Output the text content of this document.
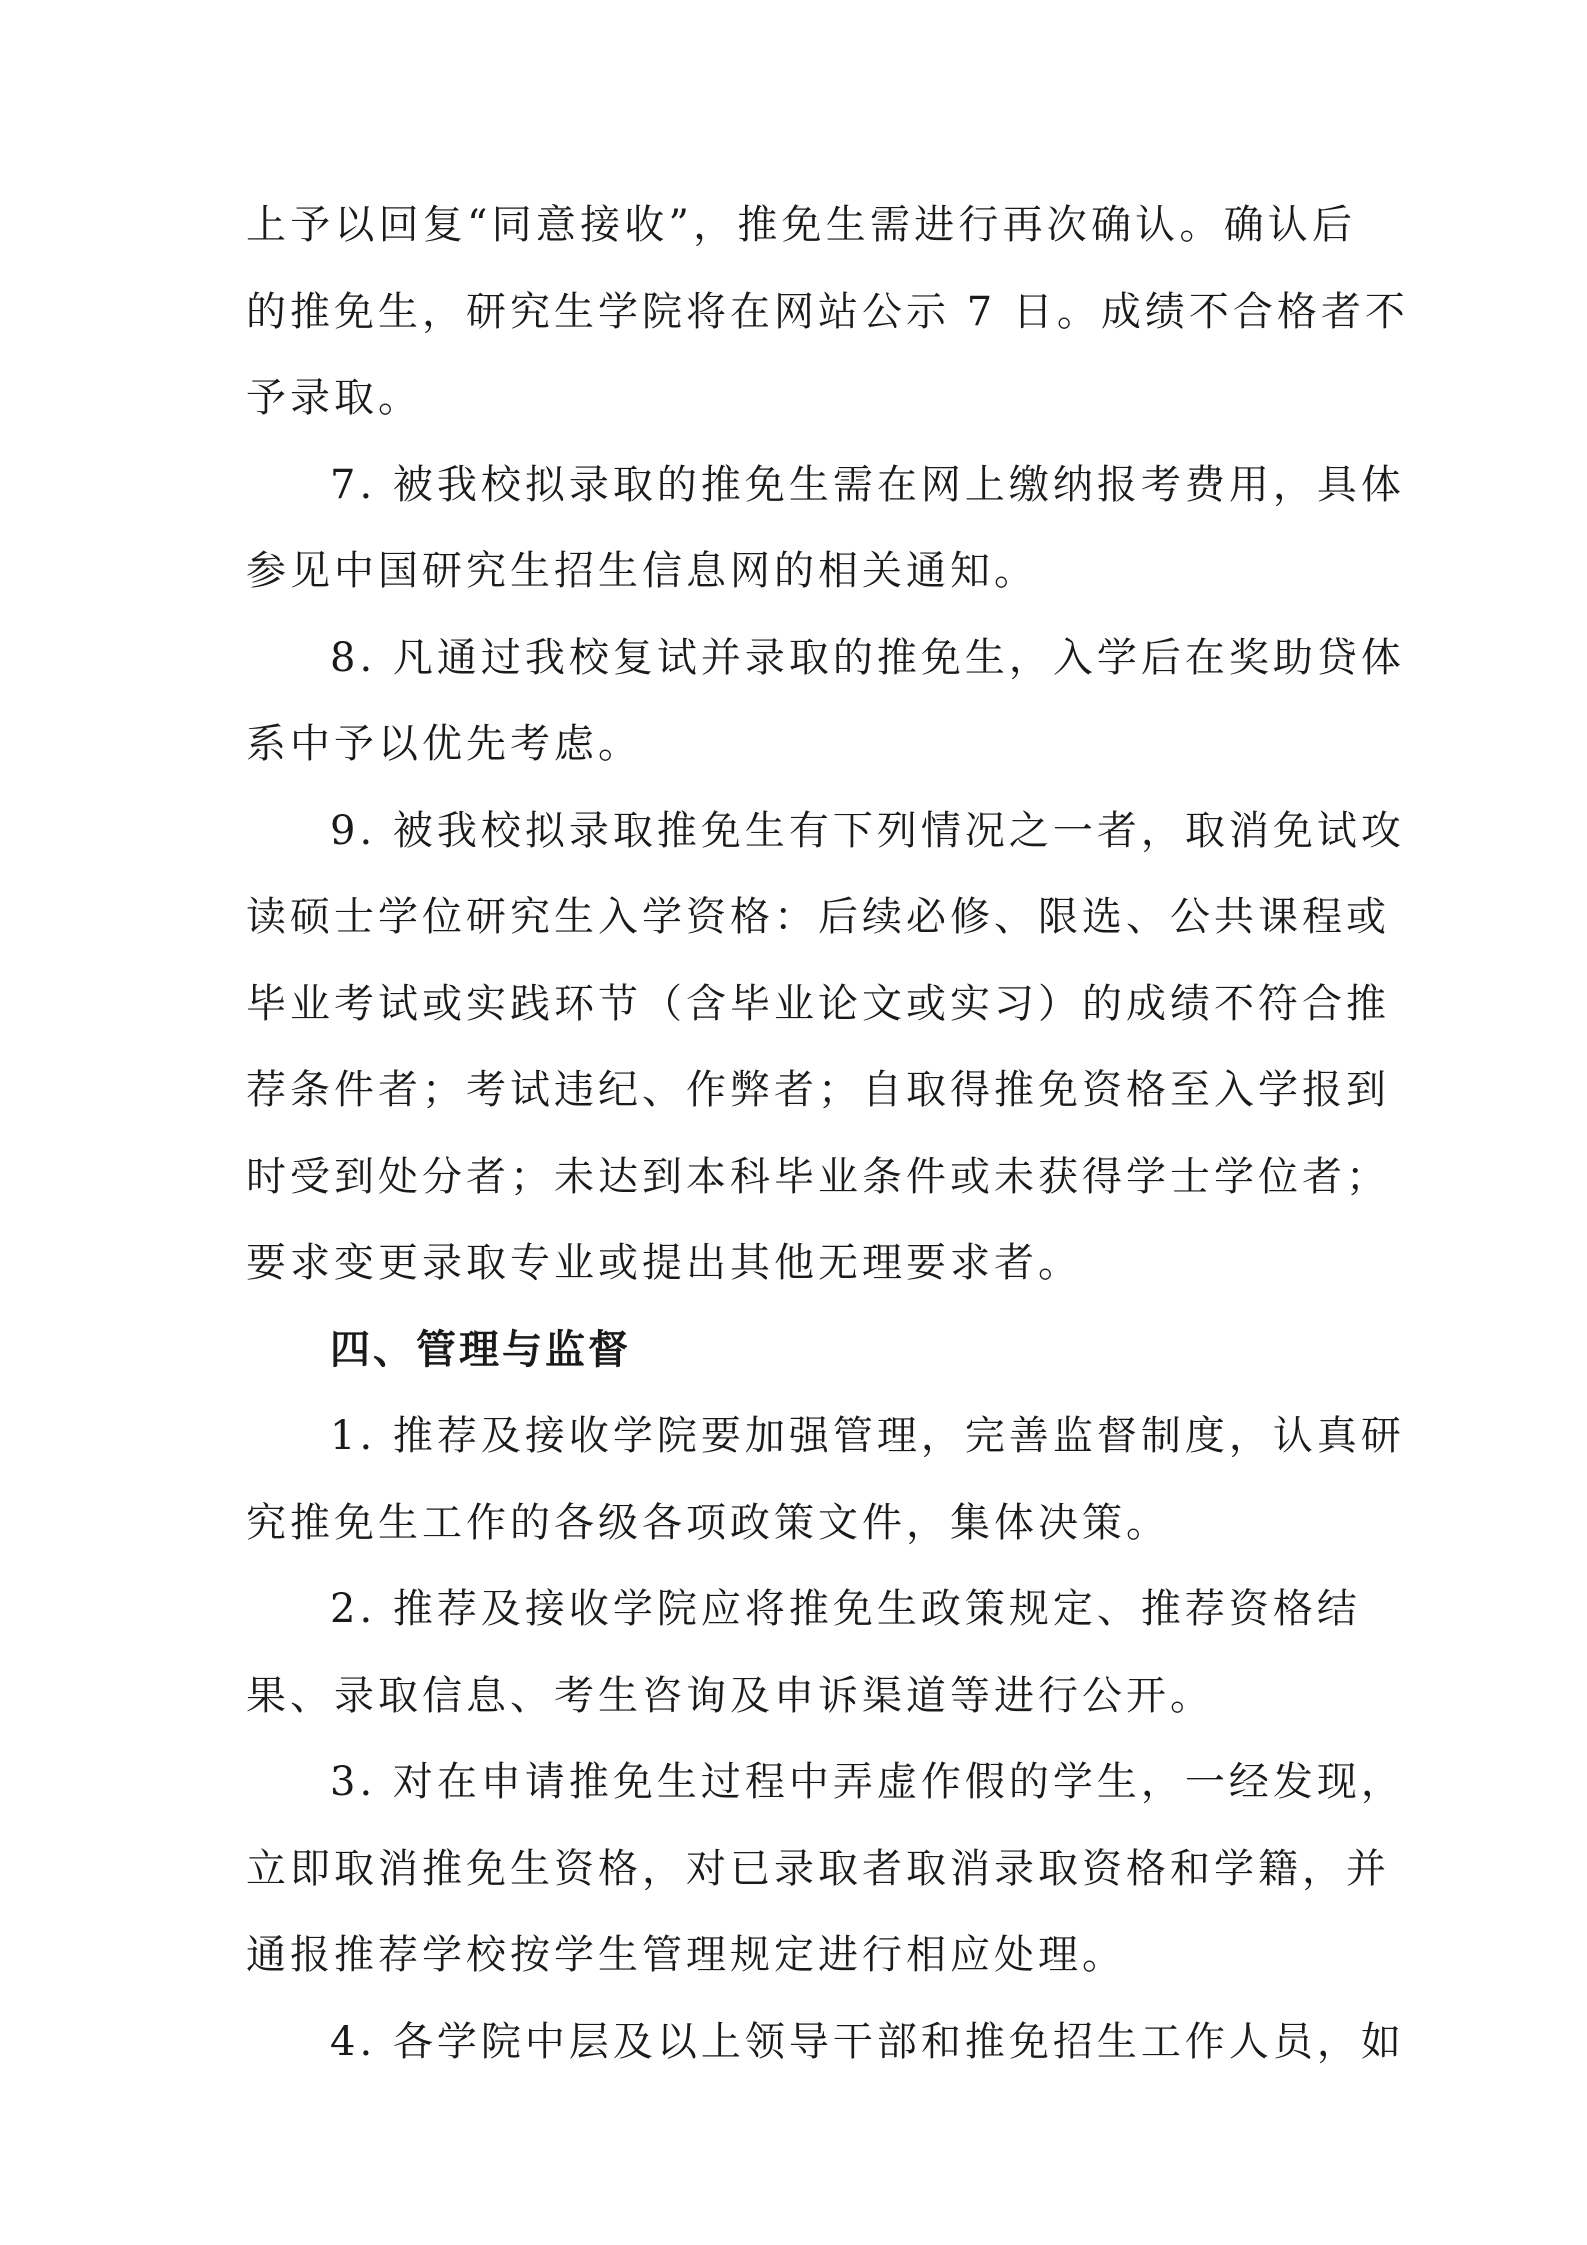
上予以回复“同意接收”，推免生需进行再次确认。确认后
的推免生，研究生学院将在网站公示 7 日。成绩不合格者不
予录取。
7. 被我校拟录取的推免生需在网上缴纳报考费用，具体
参见中国研究生招生信息网的相关通知。
8. 凡通过我校复试并录取的推免生，入学后在奖助贷体
系中予以优先考虑。
9. 被我校拟录取推免生有下列情况之一者，取消免试攻
读硕士学位研究生入学资格：后续必修、限选、公共课程或
毕业考试或实践环节（含毕业论文或实习）的成绩不符合推
荐条件者；考试违纪、作弊者；自取得推免资格至入学报到
时受到处分者；未达到本科毕业条件或未获得学士学位者；
要求变更录取专业或提出其他无理要求者。
四、管理与监督
1. 推荐及接收学院要加强管理，完善监督制度，认真研
究推免生工作的各级各项政策文件，集体决策。
2. 推荐及接收学院应将推免生政策规定、推荐资格结
果、录取信息、考生咨询及申诉渠道等进行公开。
3. 对在申请推免生过程中弄虚作假的学生，一经发现，
立即取消推免生资格，对已录取者取消录取资格和学籍，并
通报推荐学校按学生管理规定进行相应处理。
4. 各学院中层及以上领导干部和推免招生工作人员，如
